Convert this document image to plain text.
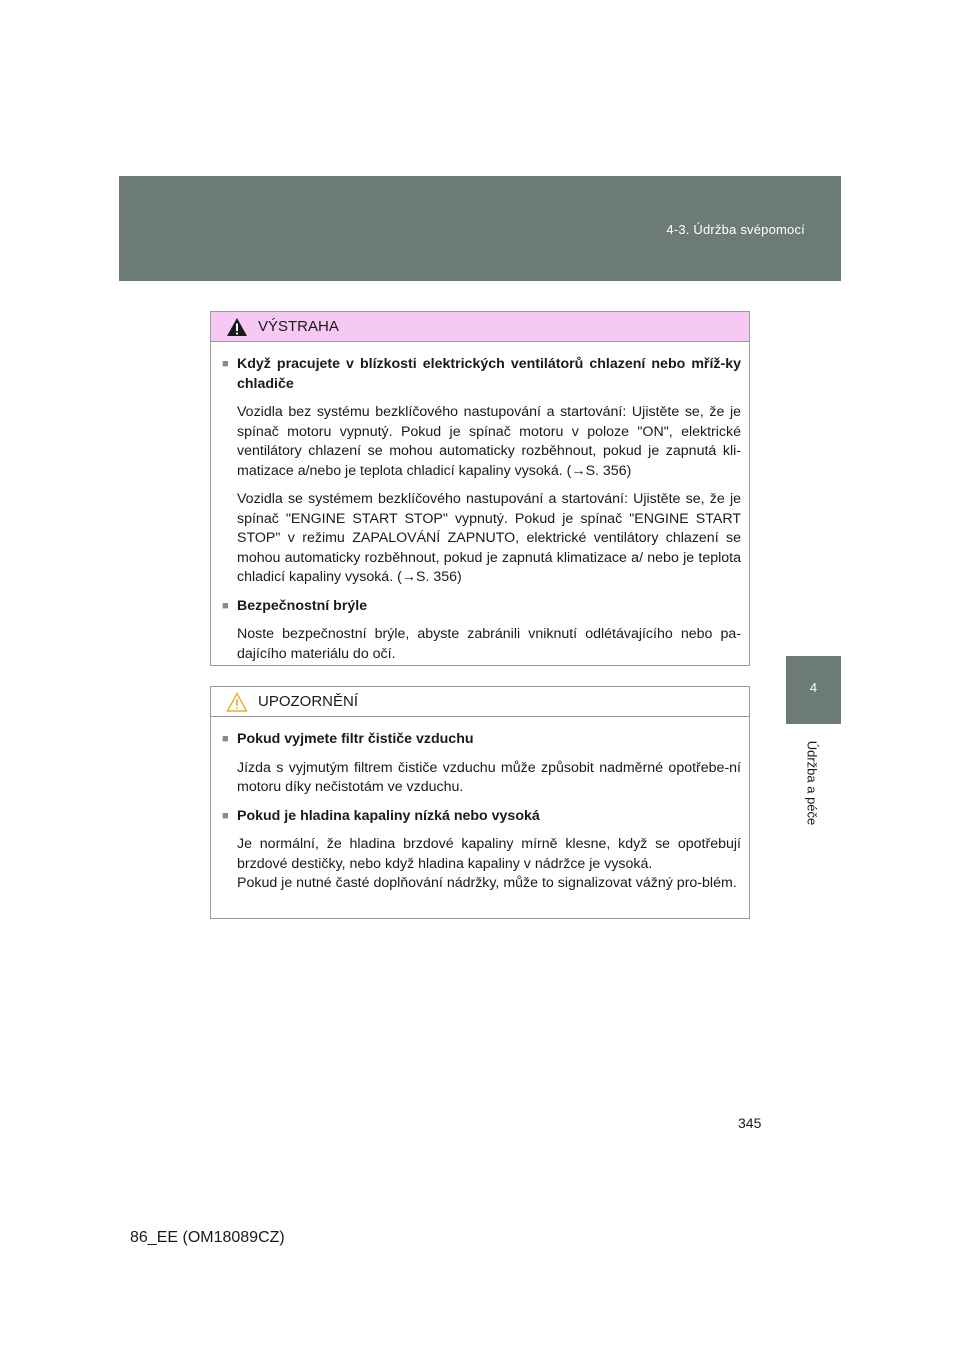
4-3. Údržba svépomocí
4
Údržba a péče
VÝSTRAHA
■ Když pracujete v blízkosti elektrických ventilátorů chlazení nebo mříž-ky chladiče

Vozidla bez systému bezklíčového nastupování a startování: Ujistěte se, že je spínač motoru vypnutý. Pokud je spínač motoru v poloze "ON", elektrické ventilátory chlazení se mohou automaticky rozběhnout, pokud je zapnutá kli-matizace a/nebo je teplota chladicí kapaliny vysoká. (→S. 356)

Vozidla se systémem bezklíčového nastupování a startování: Ujistěte se, že je spínač "ENGINE START STOP" vypnutý. Pokud je spínač "ENGINE START STOP" v režimu ZAPALOVÁNÍ ZAPNUTO, elektrické ventilátory chlazení se mohou automaticky rozběhnout, pokud je zapnutá klimatizace a/ nebo je teplota chladicí kapaliny vysoká. (→S. 356)

■ Bezpečnostní brýle

Noste bezpečnostní brýle, abyste zabránili vniknutí odlétávajícího nebo pa-dajícího materiálu do očí.

UPOZORNĚNÍ
■ Pokud vyjmete filtr čističe vzduchu

Jízda s vyjmutým filtrem čističe vzduchu může způsobit nadměrné opotřebe-ní motoru díky nečistotám ve vzduchu.

■ Pokud je hladina kapaliny nízká nebo vysoká

Je normální, že hladina brzdové kapaliny mírně klesne, když se opotřebují brzdové destičky, nebo když hladina kapaliny v nádržce je vysoká.

Pokud je nutné časté doplňování nádržky, může to signalizovat vážný pro-blém.

345
86_EE (OM18089CZ)
